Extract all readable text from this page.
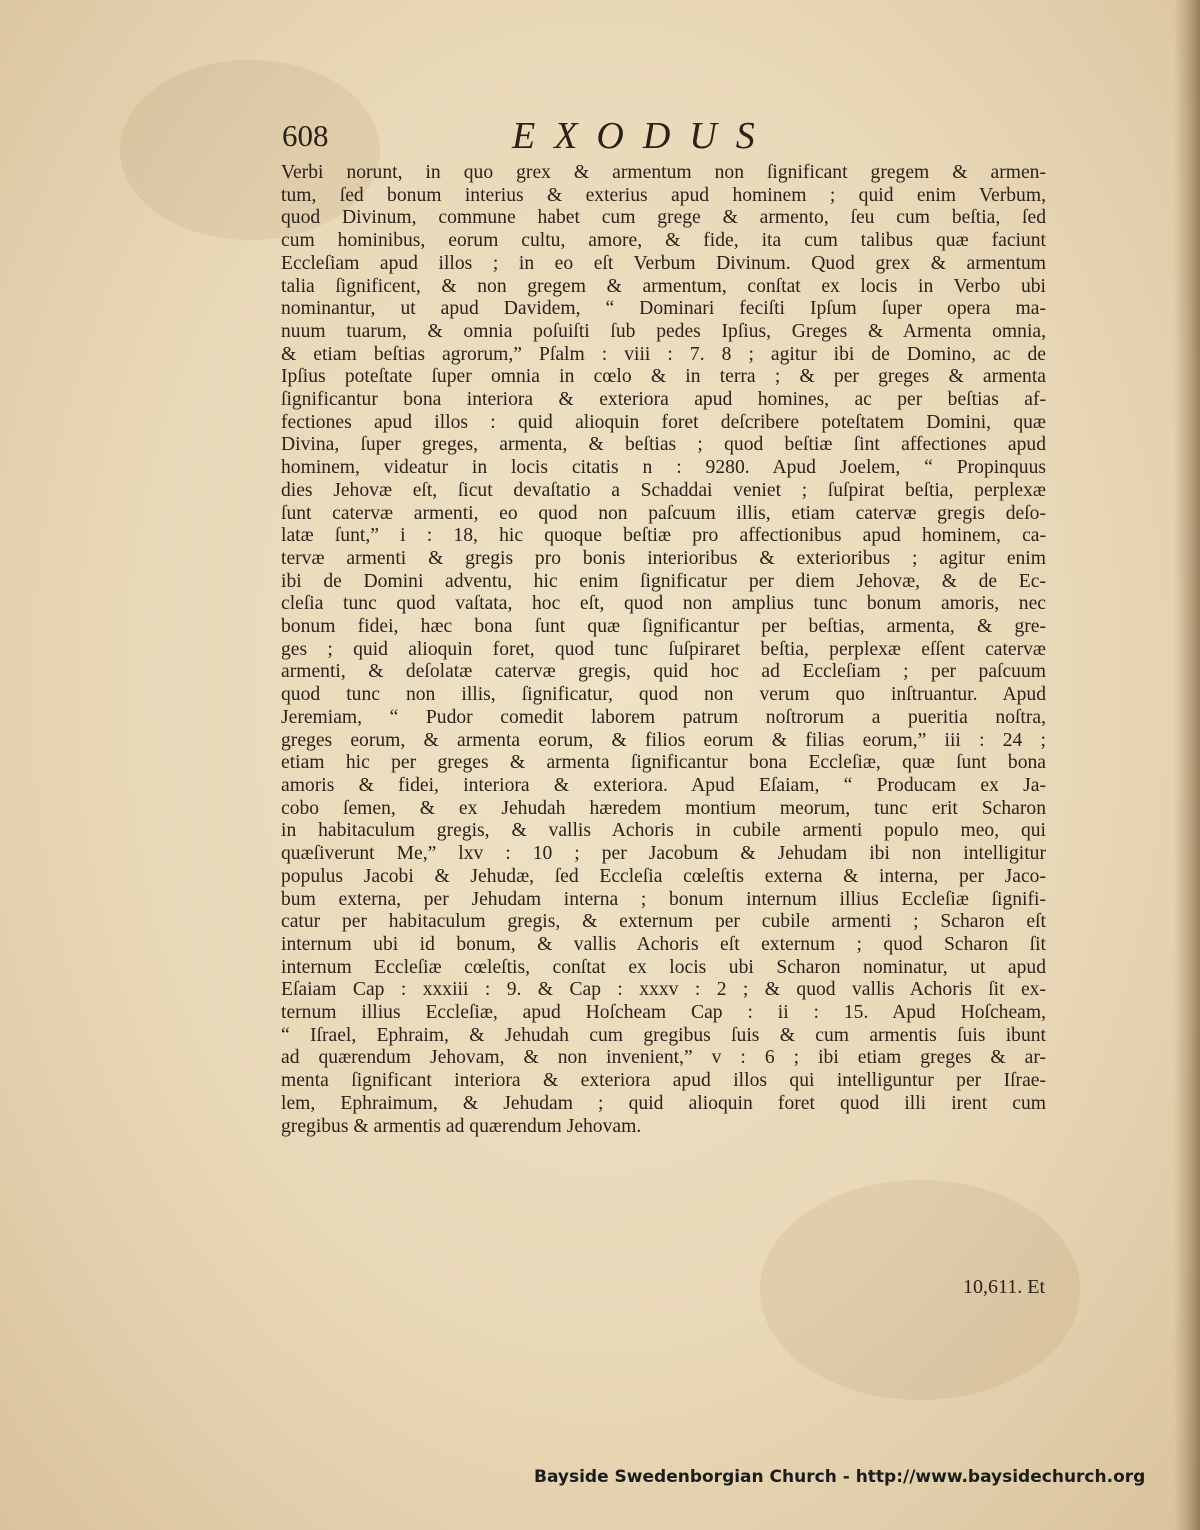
608	EXODUS
Verbi norunt, in quo grex & armentum non ſignificant gregem & armen-
tum, ſed bonum interius & exterius apud hominem ; quid enim Verbum,
quod Divinum, commune habet cum grege & armento, ſeu cum beſtia, ſed
cum hominibus, eorum cultu, amore, & fide, ita cum talibus quæ faciunt
Eccleſiam apud illos ; in eo eſt Verbum Divinum. Quod grex & armentum
talia ſignificent, & non gregem & armentum, conſtat ex locis in Verbo ubi
nominantur, ut apud Davidem, “ Dominari feciſti Ipſum ſuper opera ma-
nuum tuarum, & omnia poſuiſti ſub pedes Ipſius, Greges & Armenta omnia,
& etiam beſtias agrorum,” Pſalm : viii : 7. 8 ; agitur ibi de Domino, ac de
Ipſius poteſtate ſuper omnia in cœlo & in terra ; & per greges & armenta
ſignificantur bona interiora & exteriora apud homines, ac per beſtias af-
fectiones apud illos : quid alioquin foret deſcribere poteſtatem Domini, quæ
Divina, ſuper greges, armenta, & beſtias ; quod beſtiæ ſint affectiones apud
hominem, videatur in locis citatis n : 9280. Apud Joelem, “ Propinquus
dies Jehovæ eſt, ſicut devaſtatio a Schaddai veniet ; ſuſpirat beſtia, perplexæ
ſunt catervæ armenti, eo quod non paſcuum illis, etiam catervæ gregis deſo-
latæ ſunt,” i : 18, hic quoque beſtiæ pro affectionibus apud hominem, ca-
tervæ armenti & gregis pro bonis interioribus & exterioribus ; agitur enim
ibi de Domini adventu, hic enim ſignificatur per diem Jehovæ, & de Ec-
cleſia tunc quod vaſtata, hoc eſt, quod non amplius tunc bonum amoris, nec
bonum fidei, hæc bona ſunt quæ ſignificantur per beſtias, armenta, & gre-
ges ; quid alioquin foret, quod tunc ſuſpiraret beſtia, perplexæ eſſent catervæ
armenti, & deſolatæ catervæ gregis, quid hoc ad Eccleſiam ; per paſcuum
quod tunc non illis, ſignificatur, quod non verum quo inſtruantur. Apud
Jeremiam, “ Pudor comedit laborem patrum noſtrorum a pueritia noſtra,
greges eorum, & armenta eorum, & filios eorum & filias eorum,” iii : 24 ;
etiam hic per greges & armenta ſignificantur bona Eccleſiæ, quæ ſunt bona
amoris & fidei, interiora & exteriora. Apud Eſaiam, “ Producam ex Ja-
cobo ſemen, & ex Jehudah hæredem montium meorum, tunc erit Scharon
in habitaculum gregis, & vallis Achoris in cubile armenti populo meo, qui
quæſiverunt Me,” lxv : 10 ; per Jacobum & Jehudam ibi non intelligitur
populus Jacobi & Jehudæ, ſed Eccleſia cœleſtis externa & interna, per Jaco-
bum externa, per Jehudam interna ; bonum internum illius Eccleſiæ ſignifi-
catur per habitaculum gregis, & externum per cubile armenti ; Scharon eſt
internum ubi id bonum, & vallis Achoris eſt externum ; quod Scharon ſit
internum Eccleſiæ cœleſtis, conſtat ex locis ubi Scharon nominatur, ut apud
Eſaiam Cap : xxxiii : 9. & Cap : xxxv : 2 ; & quod vallis Achoris ſit ex-
ternum illius Eccleſiæ, apud Hoſcheam Cap : ii : 15. Apud Hoſcheam,
“ Iſrael, Ephraim, & Jehudah cum gregibus ſuis & cum armentis ſuis ibunt
ad quærendum Jehovam, & non invenient,” v : 6 ; ibi etiam greges & ar-
menta ſignificant interiora & exteriora apud illos qui intelliguntur per Iſrae-
lem, Ephraimum, & Jehudam ; quid alioquin foret quod illi irent cum
gregibus & armentis ad quærendum Jehovam.
10,611. Et
Bayside Swedenborgian Church - http://www.baysidechurch.org
